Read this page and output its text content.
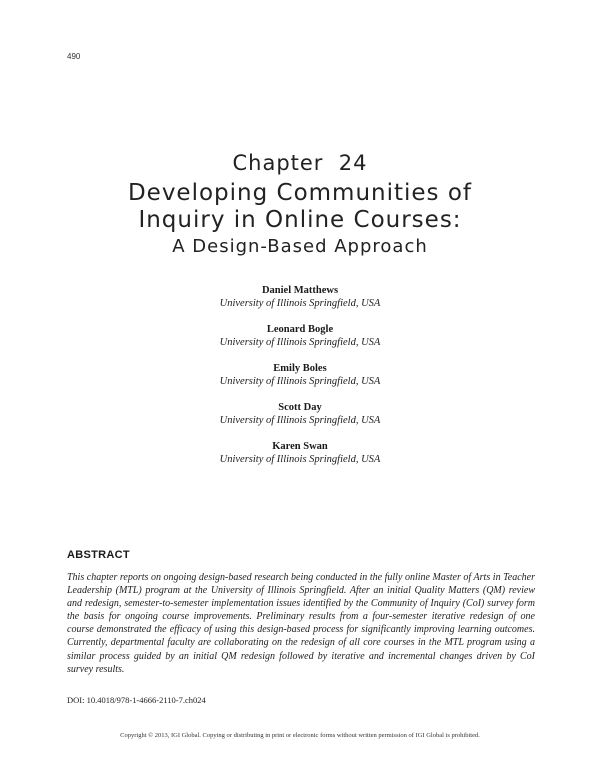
490
Chapter  24
Developing Communities of
Inquiry in Online Courses:
A Design-Based Approach
Daniel Matthews
University of Illinois Springfield, USA
Leonard Bogle
University of Illinois Springfield, USA
Emily Boles
University of Illinois Springfield, USA
Scott Day
University of Illinois Springfield, USA
Karen Swan
University of Illinois Springfield, USA
ABSTRACT
This chapter reports on ongoing design-based research being conducted in the fully online Master of Arts in Teacher Leadership (MTL) program at the University of Illinois Springfield. After an initial Quality Matters (QM) review and redesign, semester-to-semester implementation issues identified by the Community of Inquiry (CoI) survey form the basis for ongoing course improvements. Preliminary results from a four-semester iterative redesign of one course demonstrated the efficacy of using this design-based process for significantly improving learning outcomes. Currently, departmental faculty are collaborating on the redesign of all core courses in the MTL program using a similar process guided by an initial QM redesign followed by iterative and incremental changes driven by CoI survey results.
DOI: 10.4018/978-1-4666-2110-7.ch024
Copyright © 2013, IGI Global. Copying or distributing in print or electronic forms without written permission of IGI Global is prohibited.
